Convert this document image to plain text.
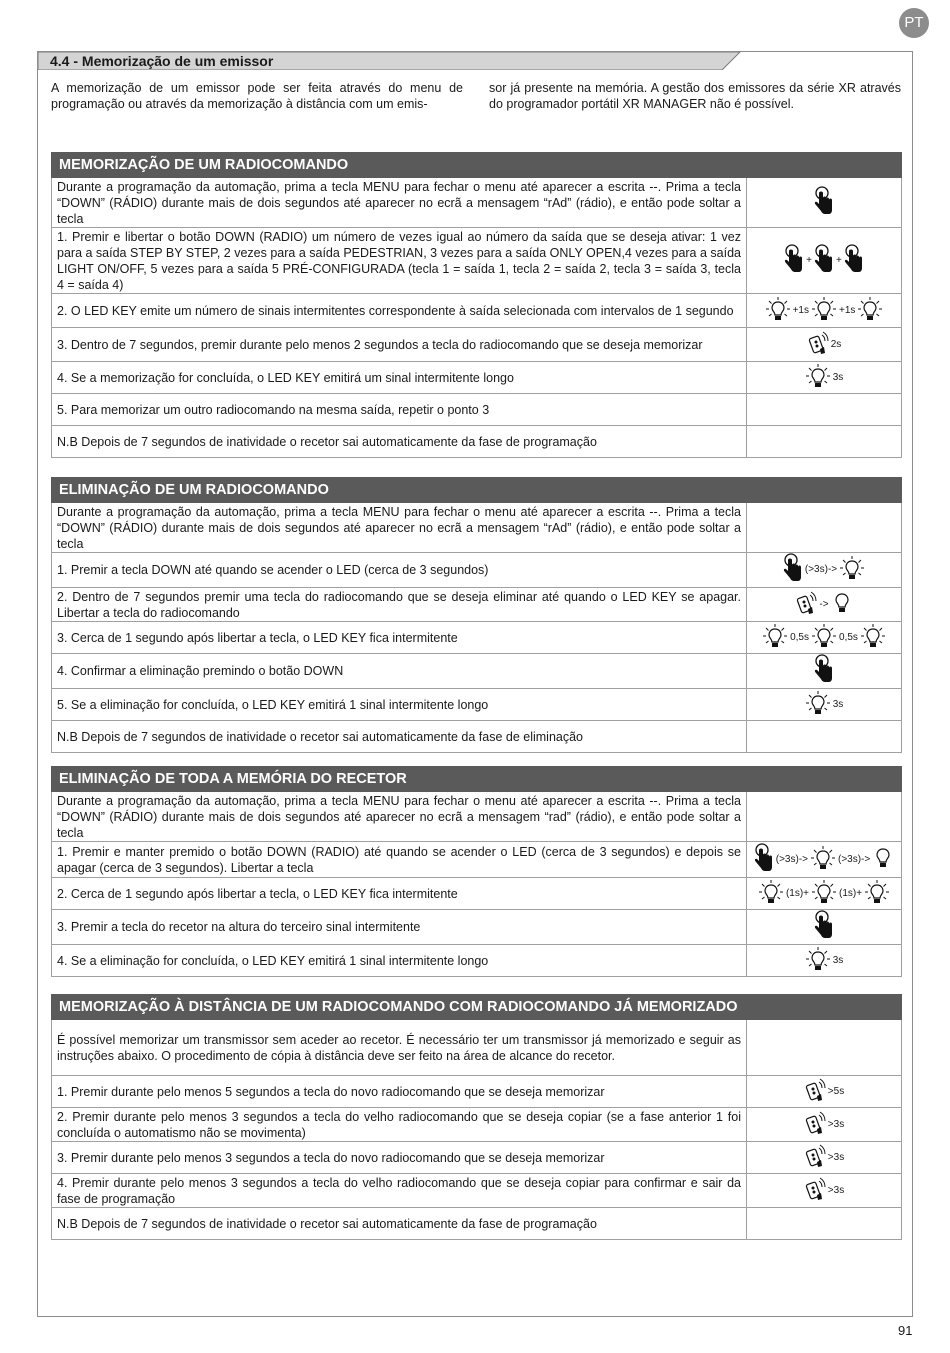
PT
4.4 - Memorização de um emissor
A memorização de um emissor pode ser feita através do menu de programação ou através da memorização à distância com um emis-
sor já presente na memória. A gestão dos emissores da série XR através do programador portátil XR MANAGER não é possível.
MEMORIZAÇÃO DE UM RADIOCOMANDO	
Durante a programação da automação, prima a tecla MENU para fechar o menu até aparecer a escrita --. Prima a tecla “DOWN” (RÁDIO) durante mais de dois segundos até aparecer no ecrã a mensagem “rAd” (rádio), e então pode soltar a tecla	

1. Premir e libertar o botão DOWN (RADIO) um número de vezes igual ao número da saída que se deseja ativar: 1 vez para a saída STEP BY STEP, 2 vezes para a saída PEDESTRIAN, 3 vezes para a saída ONLY OPEN,4 vezes para a saída LIGHT ON/OFF, 5 vezes para a saída 5 PRÉ-CONFIGURADA (tecla 1 = saída 1, tecla 2 = saída 2, tecla 3 = saída 3, tecla 4 = saída 4)	+ +

2. O LED KEY emite um número de sinais intermitentes correspondente à saída selecionada com intervalos de 1 segundo	+1s +1s

3. Dentro de 7 segundos, premir durante pelo menos 2 segundos a tecla do radiocomando que se deseja memorizar	2s

4. Se a memorização for concluída, o LED KEY emitirá um sinal intermitente longo	3s

5. Para memorizar um outro radiocomando na mesma saída, repetir o ponto 3	
N.B Depois de 7 segundos de inatividade o recetor sai automaticamente da fase de programação	
ELIMINAÇÃO DE UM RADIOCOMANDO	
Durante a programação da automação, prima a tecla MENU para fechar o menu até aparecer a escrita --. Prima a tecla “DOWN” (RÁDIO) durante mais de dois segundos até aparecer no ecrã a mensagem “rAd” (rádio), e então pode soltar a tecla	
1. Premir a tecla DOWN até quando se acender o LED (cerca de 3 segundos)	(>3s)->

2. Dentro de 7 segundos premir uma tecla do radiocomando que se deseja eliminar até quando o LED KEY se apagar. Libertar a tecla do radiocomando	->

3. Cerca de 1 segundo após libertar a tecla, o LED KEY fica intermitente	0,5s 0,5s

4. Confirmar a eliminação premindo o botão DOWN	

5. Se a eliminação for concluída, o LED KEY emitirá 1 sinal intermitente longo	3s

N.B Depois de 7 segundos de inatividade o recetor sai automaticamente da fase de eliminação	
ELIMINAÇÃO DE TODA A MEMÓRIA DO RECETOR	
Durante a programação da automação, prima a tecla MENU para fechar o menu até aparecer a escrita --. Prima a tecla “DOWN” (RÁDIO) durante mais de dois segundos até aparecer no ecrã a mensagem “rad” (rádio), e então pode soltar a tecla	
1. Premir e manter premido o botão DOWN (RADIO) até quando se acender o LED (cerca de 3 segundos) e depois se apagar (cerca de 3 segundos). Libertar a tecla	(>3s)-> (>3s)->

2. Cerca de 1 segundo após libertar a tecla, o LED KEY fica intermitente	(1s)+ (1s)+

3. Premir a tecla do recetor na altura do terceiro sinal intermitente	

4. Se a eliminação for concluída, o LED KEY emitirá 1 sinal intermitente longo	3s
MEMORIZAÇÃO À DISTÂNCIA DE UM RADIOCOMANDO COM RADIOCOMANDO JÁ MEMORIZADO	
É possível memorizar um transmissor sem aceder ao recetor. É necessário ter um transmissor já memorizado e seguir as instruções abaixo. O procedimento de cópia à distância deve ser feito na área de alcance do recetor.	
1. Premir durante pelo menos 5 segundos a tecla do novo radiocomando que se deseja memorizar	>5s

2. Premir durante pelo menos 3 segundos a tecla do velho radiocomando que se deseja copiar (se a fase anterior 1 foi concluída o automatismo não se movimenta)	>3s

3. Premir durante pelo menos 3 segundos a tecla do novo radiocomando que se deseja memorizar	>3s

4. Premir durante pelo menos 3 segundos a tecla do velho radiocomando que se deseja copiar para confirmar e sair da fase de programação	>3s

N.B Depois de 7 segundos de inatividade o recetor sai automaticamente da fase de programação	
91
